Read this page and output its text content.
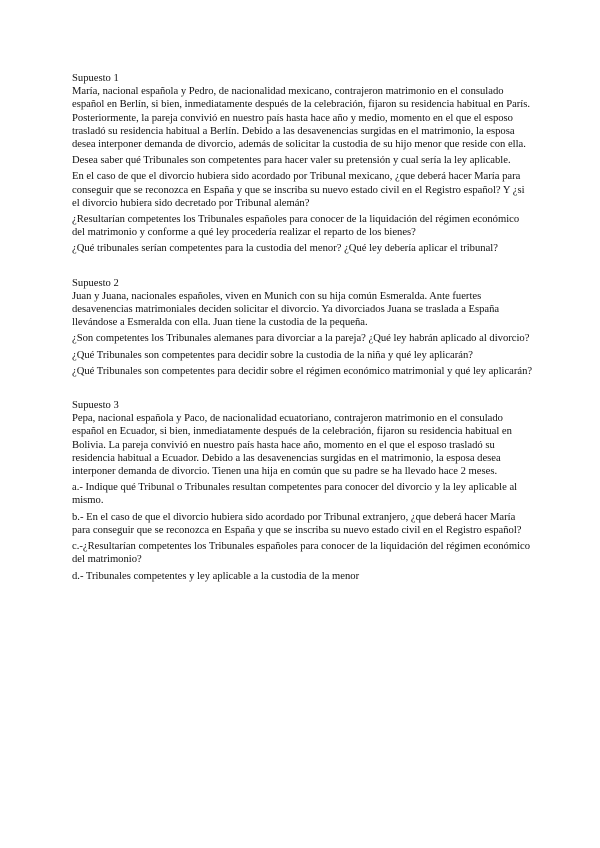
Supuesto 1

María, nacional española y Pedro, de nacionalidad mexicano, contrajeron matrimonio en el consulado español en Berlín, si bien, inmediatamente después de la celebración, fijaron su residencia habitual en París. Posteriormente, la pareja convivió en nuestro país hasta hace año y medio, momento en el que el esposo trasladó su residencia habitual a Berlín. Debido a las desavenencias surgidas en el matrimonio, la esposa desea interponer demanda de divorcio, además de solicitar la custodia de su hijo menor que reside con ella.

Desea saber qué Tribunales son competentes para hacer valer su pretensión y cual sería la ley aplicable.

En el caso de que el divorcio hubiera sido acordado por Tribunal mexicano, ¿que deberá hacer María para conseguir que se reconozca en España y que se inscriba su nuevo estado civil en el Registro español? Y ¿si el divorcio hubiera sido decretado por Tribunal alemán?

¿Resultarían competentes los Tribunales españoles para conocer de la liquidación del régimen económico del matrimonio y conforme a qué ley procedería realizar el reparto de los bienes?

¿Qué tribunales serían competentes para la custodia del menor? ¿Qué ley debería aplicar el tribunal?

Supuesto 2

Juan y Juana, nacionales españoles, viven en Munich con su hija común Esmeralda. Ante fuertes desavenencias matrimoniales deciden solicitar el divorcio. Ya divorciados Juana se traslada a España llevándose a Esmeralda con ella. Juan tiene la custodia de la pequeña.

¿Son competentes los Tribunales alemanes para divorciar a la pareja? ¿Qué ley habrán aplicado al divorcio?

¿Qué Tribunales son competentes para decidir sobre la custodia de la niña y qué ley aplicarán?

¿Qué Tribunales son competentes para decidir sobre el régimen económico matrimonial y qué ley aplicarán?

Supuesto 3

Pepa, nacional española y Paco, de nacionalidad ecuatoriano, contrajeron matrimonio en el consulado español en Ecuador, si bien, inmediatamente después de la celebración, fijaron su residencia habitual en Bolivia. La pareja convivió en nuestro país hasta hace año, momento en el que el esposo trasladó su residencia habitual a Ecuador. Debido a las desavenencias surgidas en el matrimonio, la esposa desea interponer demanda de divorcio. Tienen una hija en común que su padre se ha llevado hace 2 meses.

a.- Indique qué Tribunal o Tribunales resultan competentes para conocer del divorcio y la ley aplicable al mismo.

b.- En el caso de que el divorcio hubiera sido acordado por Tribunal extranjero, ¿que deberá hacer María para conseguir que se reconozca en España y que se inscriba su nuevo estado civil en el Registro español?

c.-¿Resultarían competentes los Tribunales españoles para conocer de la liquidación del régimen económico del matrimonio?

d.- Tribunales competentes y ley aplicable a la custodia de la menor
